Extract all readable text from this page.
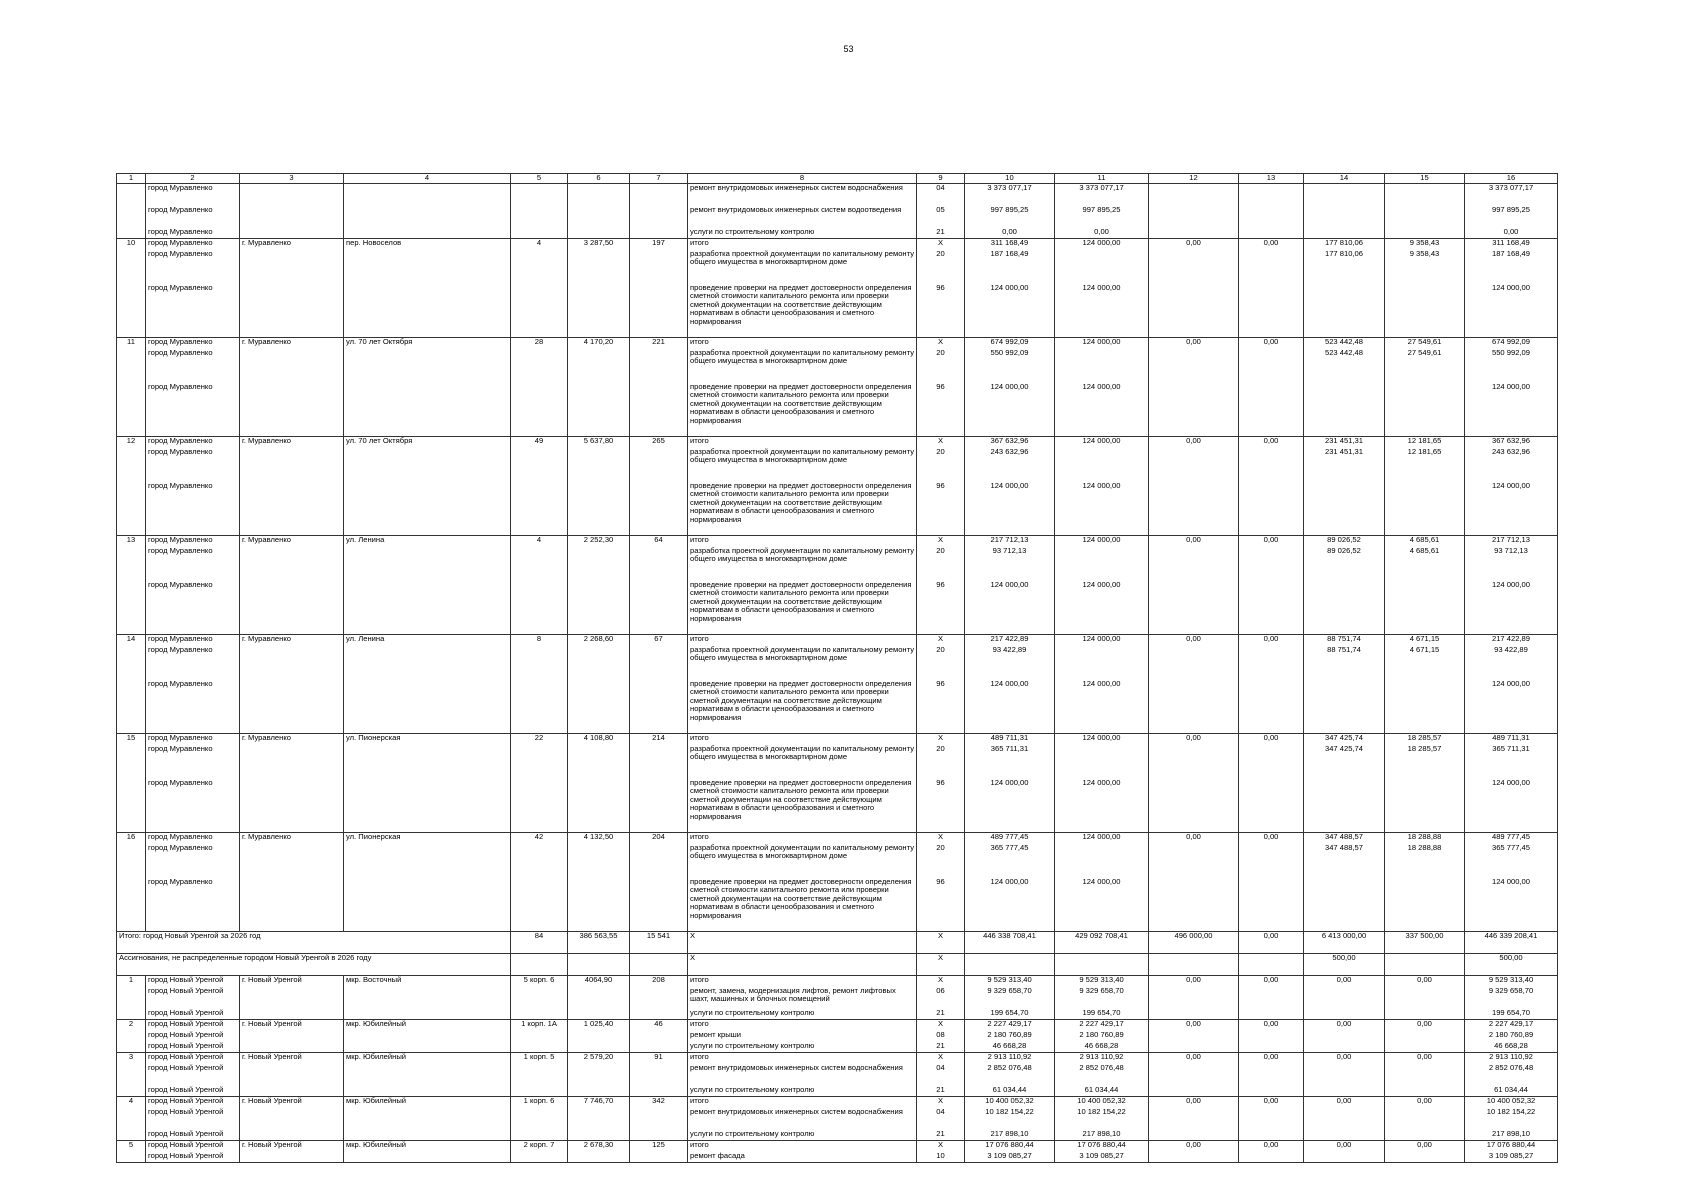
53
1	2	3	4	5	6	7	8	9	10	11	12	13	14	15	16
	город Муравленко						ремонт внутридомовых инженерных систем водоснабжения	04	3 373 077,17	3 373 077,17					3 373 077,17
	город Муравленко						ремонт внутридомовых инженерных систем водоотведения	05	997 895,25	997 895,25					997 895,25
	город Муравленко						услуги по строительному контролю	21	0,00	0,00					0,00
10	город Муравленко	г. Муравленко	пер. Новоселов	4	3 287,50	197	итого	X	311 168,49	124 000,00	0,00	0,00	177 810,06	9 358,43	311 168,49
	город Муравленко						разработка проектной документации по капитальному ремонту общего имущества в многоквартирном доме	20	187 168,49				177 810,06	9 358,43	187 168,49
	город Муравленко						проведение проверки на предмет достоверности определения сметной стоимости капитального ремонта или проверки сметной документации на соответствие действующим нормативам в области ценообразования и сметного нормирования	96	124 000,00	124 000,00					124 000,00
11	город Муравленко	г. Муравленко	ул. 70 лет Октября	28	4 170,20	221	итого	X	674 992,09	124 000,00	0,00	0,00	523 442,48	27 549,61	674 992,09
	город Муравленко						разработка проектной документации по капитальному ремонту общего имущества в многоквартирном доме	20	550 992,09				523 442,48	27 549,61	550 992,09
	город Муравленко						проведение проверки на предмет достоверности определения сметной стоимости капитального ремонта или проверки сметной документации на соответствие действующим нормативам в области ценообразования и сметного нормирования	96	124 000,00	124 000,00					124 000,00
12	город Муравленко	г. Муравленко	ул. 70 лет Октября	49	5 637,80	265	итого	X	367 632,96	124 000,00	0,00	0,00	231 451,31	12 181,65	367 632,96
	город Муравленко						разработка проектной документации по капитальному ремонту общего имущества в многоквартирном доме	20	243 632,96				231 451,31	12 181,65	243 632,96
	город Муравленко						проведение проверки на предмет достоверности определения сметной стоимости капитального ремонта или проверки сметной документации на соответствие действующим нормативам в области ценообразования и сметного нормирования	96	124 000,00	124 000,00					124 000,00
13	город Муравленко	г. Муравленко	ул. Ленина	4	2 252,30	64	итого	X	217 712,13	124 000,00	0,00	0,00	89 026,52	4 685,61	217 712,13
	город Муравленко						разработка проектной документации по капитальному ремонту общего имущества в многоквартирном доме	20	93 712,13				89 026,52	4 685,61	93 712,13
	город Муравленко						проведение проверки на предмет достоверности определения сметной стоимости капитального ремонта или проверки сметной документации на соответствие действующим нормативам в области ценообразования и сметного нормирования	96	124 000,00	124 000,00					124 000,00
14	город Муравленко	г. Муравленко	ул. Ленина	8	2 268,60	67	итого	X	217 422,89	124 000,00	0,00	0,00	88 751,74	4 671,15	217 422,89
	город Муравленко						разработка проектной документации по капитальному ремонту общего имущества в многоквартирном доме	20	93 422,89				88 751,74	4 671,15	93 422,89
	город Муравленко						проведение проверки на предмет достоверности определения сметной стоимости капитального ремонта или проверки сметной документации на соответствие действующим нормативам в области ценообразования и сметного нормирования	96	124 000,00	124 000,00					124 000,00
15	город Муравленко	г. Муравленко	ул. Пионерская	22	4 108,80	214	итого	X	489 711,31	124 000,00	0,00	0,00	347 425,74	18 285,57	489 711,31
	город Муравленко						разработка проектной документации по капитальному ремонту общего имущества в многоквартирном доме	20	365 711,31				347 425,74	18 285,57	365 711,31
	город Муравленко						проведение проверки на предмет достоверности определения сметной стоимости капитального ремонта или проверки сметной документации на соответствие действующим нормативам в области ценообразования и сметного нормирования	96	124 000,00	124 000,00					124 000,00
16	город Муравленко	г. Муравленко	ул. Пионерская	42	4 132,50	204	итого	X	489 777,45	124 000,00	0,00	0,00	347 488,57	18 288,88	489 777,45
	город Муравленко						разработка проектной документации по капитальному ремонту общего имущества в многоквартирном доме	20	365 777,45				347 488,57	18 288,88	365 777,45
	город Муравленко						проведение проверки на предмет достоверности определения сметной стоимости капитального ремонта или проверки сметной документации на соответствие действующим нормативам в области ценообразования и сметного нормирования	96	124 000,00	124 000,00					124 000,00
Итого: город Новый Уренгой за 2026 год				84	386 563,55	15 541	X	X	446 338 708,41	429 092 708,41	496 000,00	0,00	6 413 000,00	337 500,00	446 339 208,41
Ассигнования, не распределенные городом Новый Уренгой в 2026 году							X	X					500,00		500,00
1	город Новый Уренгой	г. Новый Уренгой	мкр. Восточный	5 корп. 6	4064,90	208	итого	X	9 529 313,40	9 529 313,40	0,00	0,00	0,00	0,00	9 529 313,40
	город Новый Уренгой						ремонт, замена, модернизация лифтов, ремонт лифтовых шахт, машинных и блочных помещений	06	9 329 658,70	9 329 658,70					9 329 658,70
	город Новый Уренгой						услуги по строительному контролю	21	199 654,70	199 654,70					199 654,70
2	город Новый Уренгой	г. Новый Уренгой	мкр. Юбилейный	1 корп. 1А	1 025,40	46	итого	X	2 227 429,17	2 227 429,17	0,00	0,00	0,00	0,00	2 227 429,17
	город Новый Уренгой						ремонт крыши	08	2 180 760,89	2 180 760,89					2 180 760,89
	город Новый Уренгой						услуги по строительному контролю	21	46 668,28	46 668,28					46 668,28
3	город Новый Уренгой	г. Новый Уренгой	мкр. Юбилейный	1 корп. 5	2 579,20	91	итого	X	2 913 110,92	2 913 110,92	0,00	0,00	0,00	0,00	2 913 110,92
	город Новый Уренгой						ремонт внутридомовых инженерных систем водоснабжения	04	2 852 076,48	2 852 076,48					2 852 076,48
	город Новый Уренгой						услуги по строительному контролю	21	61 034,44	61 034,44					61 034,44
4	город Новый Уренгой	г. Новый Уренгой	мкр. Юбилейный	1 корп. 6	7 746,70	342	итого	X	10 400 052,32	10 400 052,32	0,00	0,00	0,00	0,00	10 400 052,32
	город Новый Уренгой						ремонт внутридомовых инженерных систем водоснабжения	04	10 182 154,22	10 182 154,22					10 182 154,22
	город Новый Уренгой						услуги по строительному контролю	21	217 898,10	217 898,10					217 898,10
5	город Новый Уренгой	г. Новый Уренгой	мкр. Юбилейный	2 корп. 7	2 678,30	125	итого	X	17 076 880,44	17 076 880,44	0,00	0,00	0,00	0,00	17 076 880,44
	город Новый Уренгой						ремонт фасада	10	3 109 085,27	3 109 085,27					3 109 085,27
